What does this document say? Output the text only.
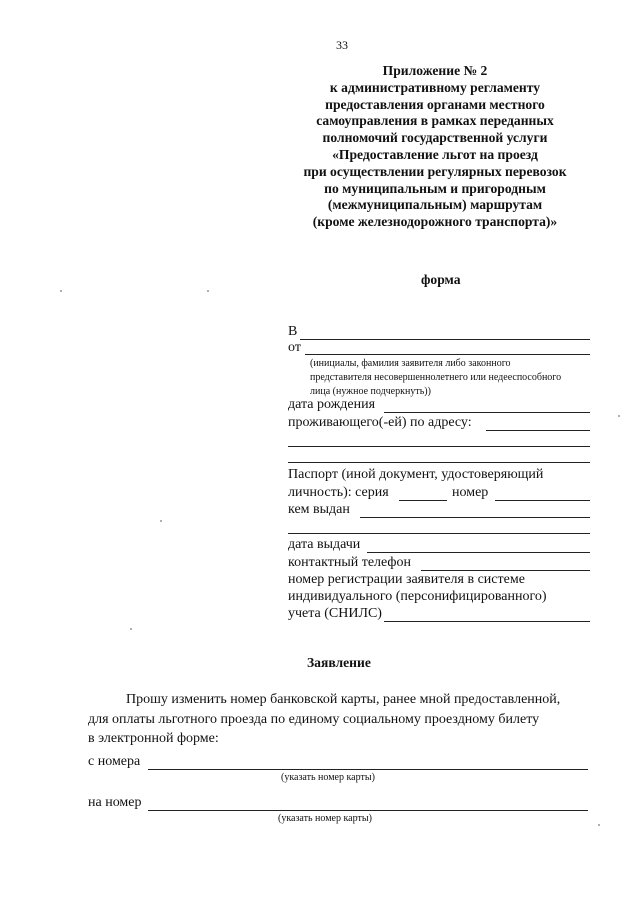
33
Приложение № 2
к административному регламенту
предоставления органами местного
самоуправления в рамках переданных
полномочий государственной услуги
«Предоставление льгот на проезд
при осуществлении регулярных перевозок
по муниципальным и пригородным
(межмуниципальным) маршрутам
(кроме железнодорожного транспорта)»
форма
В
от
(инициалы, фамилия заявителя либо законного
представителя несовершеннолетнего или недееспособного
лица (нужное подчеркнуть))
дата рождения
проживающего(-ей) по адресу:
Паспорт (иной документ, удостоверяющий
личность): серия	номер
кем выдан
дата выдачи
контактный телефон
номер регистрации заявителя в системе
индивидуального (персонифицированного)
учета (СНИЛС)
Заявление
Прошу изменить номер банковской карты, ранее мной предоставленной,
для оплаты льготного проезда по единому социальному проездному билету
в электронной форме:
с номера
(указать номер карты)
на номер
(указать номер карты)
